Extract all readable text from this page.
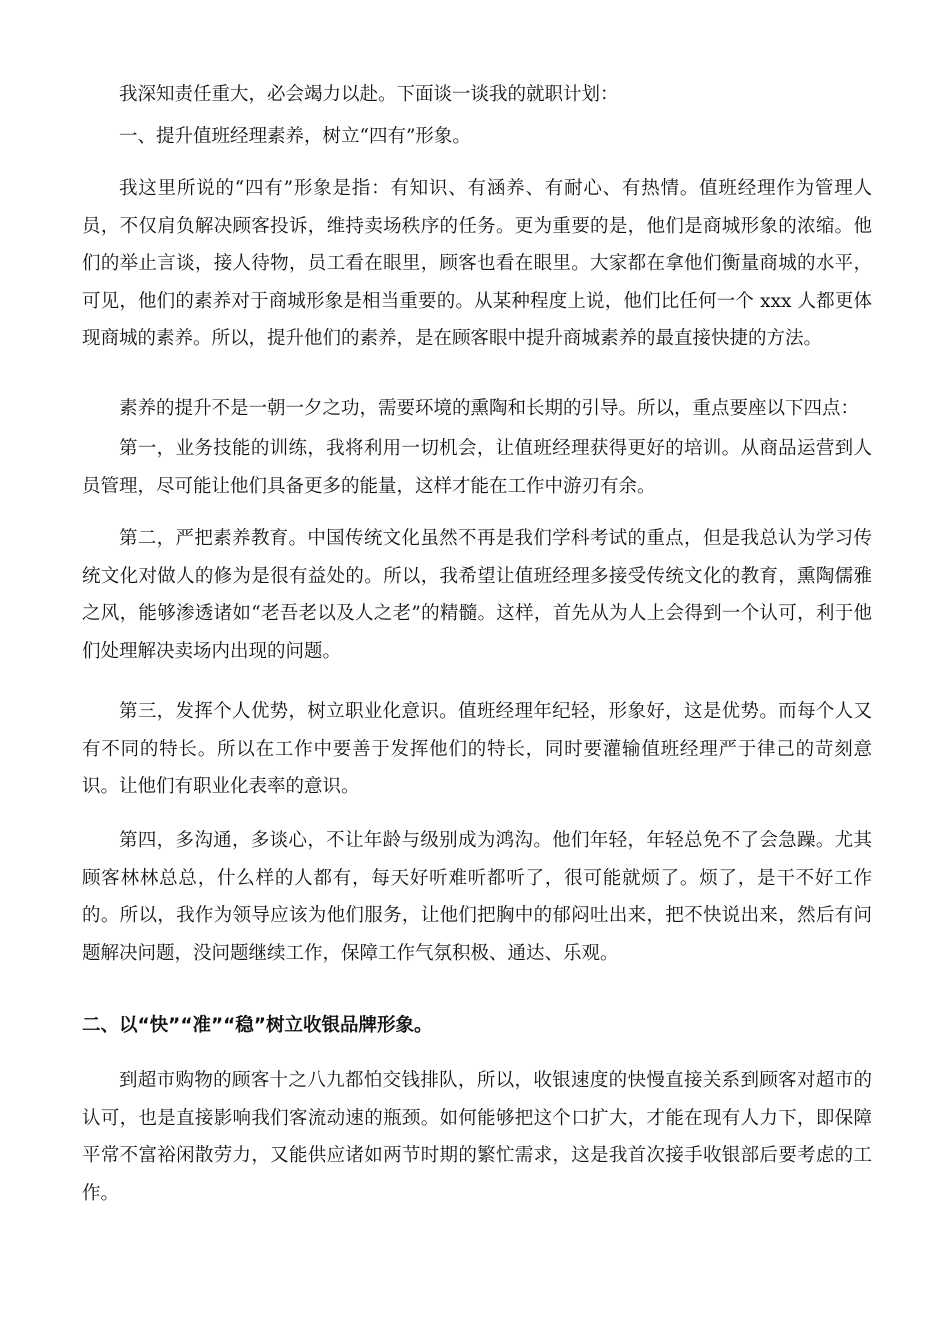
我深知责任重大，必会竭力以赴。下面谈一谈我的就职计划：

一、提升值班经理素养，树立“四有”形象。

我这里所说的“四有”形象是指：有知识、有涵养、有耐心、有热情。值班经理作为管理人员，不仅肩负解决顾客投诉，维持卖场秩序的任务。更为重要的是，他们是商城形象的浓缩。他们的举止言谈，接人待物，员工看在眼里，顾客也看在眼里。大家都在拿他们衡量商城的水平，可见，他们的素养对于商城形象是相当重要的。从某种程度上说，他们比任何一个 xxx 人都更体现商城的素养。所以，提升他们的素养，是在顾客眼中提升商城素养的最直接快捷的方法。

素养的提升不是一朝一夕之功，需要环境的熏陶和长期的引导。所以，重点要座以下四点：

第一，业务技能的训练，我将利用一切机会，让值班经理获得更好的培训。从商品运营到人员管理，尽可能让他们具备更多的能量，这样才能在工作中游刃有余。

第二，严把素养教育。中国传统文化虽然不再是我们学科考试的重点，但是我总认为学习传统文化对做人的修为是很有益处的。所以，我希望让值班经理多接受传统文化的教育，熏陶儒雅之风，能够渗透诸如“老吾老以及人之老”的精髓。这样，首先从为人上会得到一个认可，利于他们处理解决卖场内出现的问题。

第三，发挥个人优势，树立职业化意识。值班经理年纪轻，形象好，这是优势。而每个人又有不同的特长。所以在工作中要善于发挥他们的特长，同时要灌输值班经理严于律己的苛刻意识。让他们有职业化表率的意识。

第四，多沟通，多谈心，不让年龄与级别成为鸿沟。他们年轻，年轻总免不了会急躁。尤其顾客林林总总，什么样的人都有，每天好听难听都听了，很可能就烦了。烦了，是干不好工作的。所以，我作为领导应该为他们服务，让他们把胸中的郁闷吐出来，把不快说出来，然后有问题解决问题，没问题继续工作，保障工作气氛积极、通达、乐观。

二、以“快”“准”“稳”树立收银品牌形象。

到超市购物的顾客十之八九都怕交钱排队，所以，收银速度的快慢直接关系到顾客对超市的认可，也是直接影响我们客流动速的瓶颈。如何能够把这个口扩大，才能在现有人力下，即保障平常不富裕闲散劳力，又能供应诸如两节时期的繁忙需求，这是我首次接手收银部后要考虑的工作。
